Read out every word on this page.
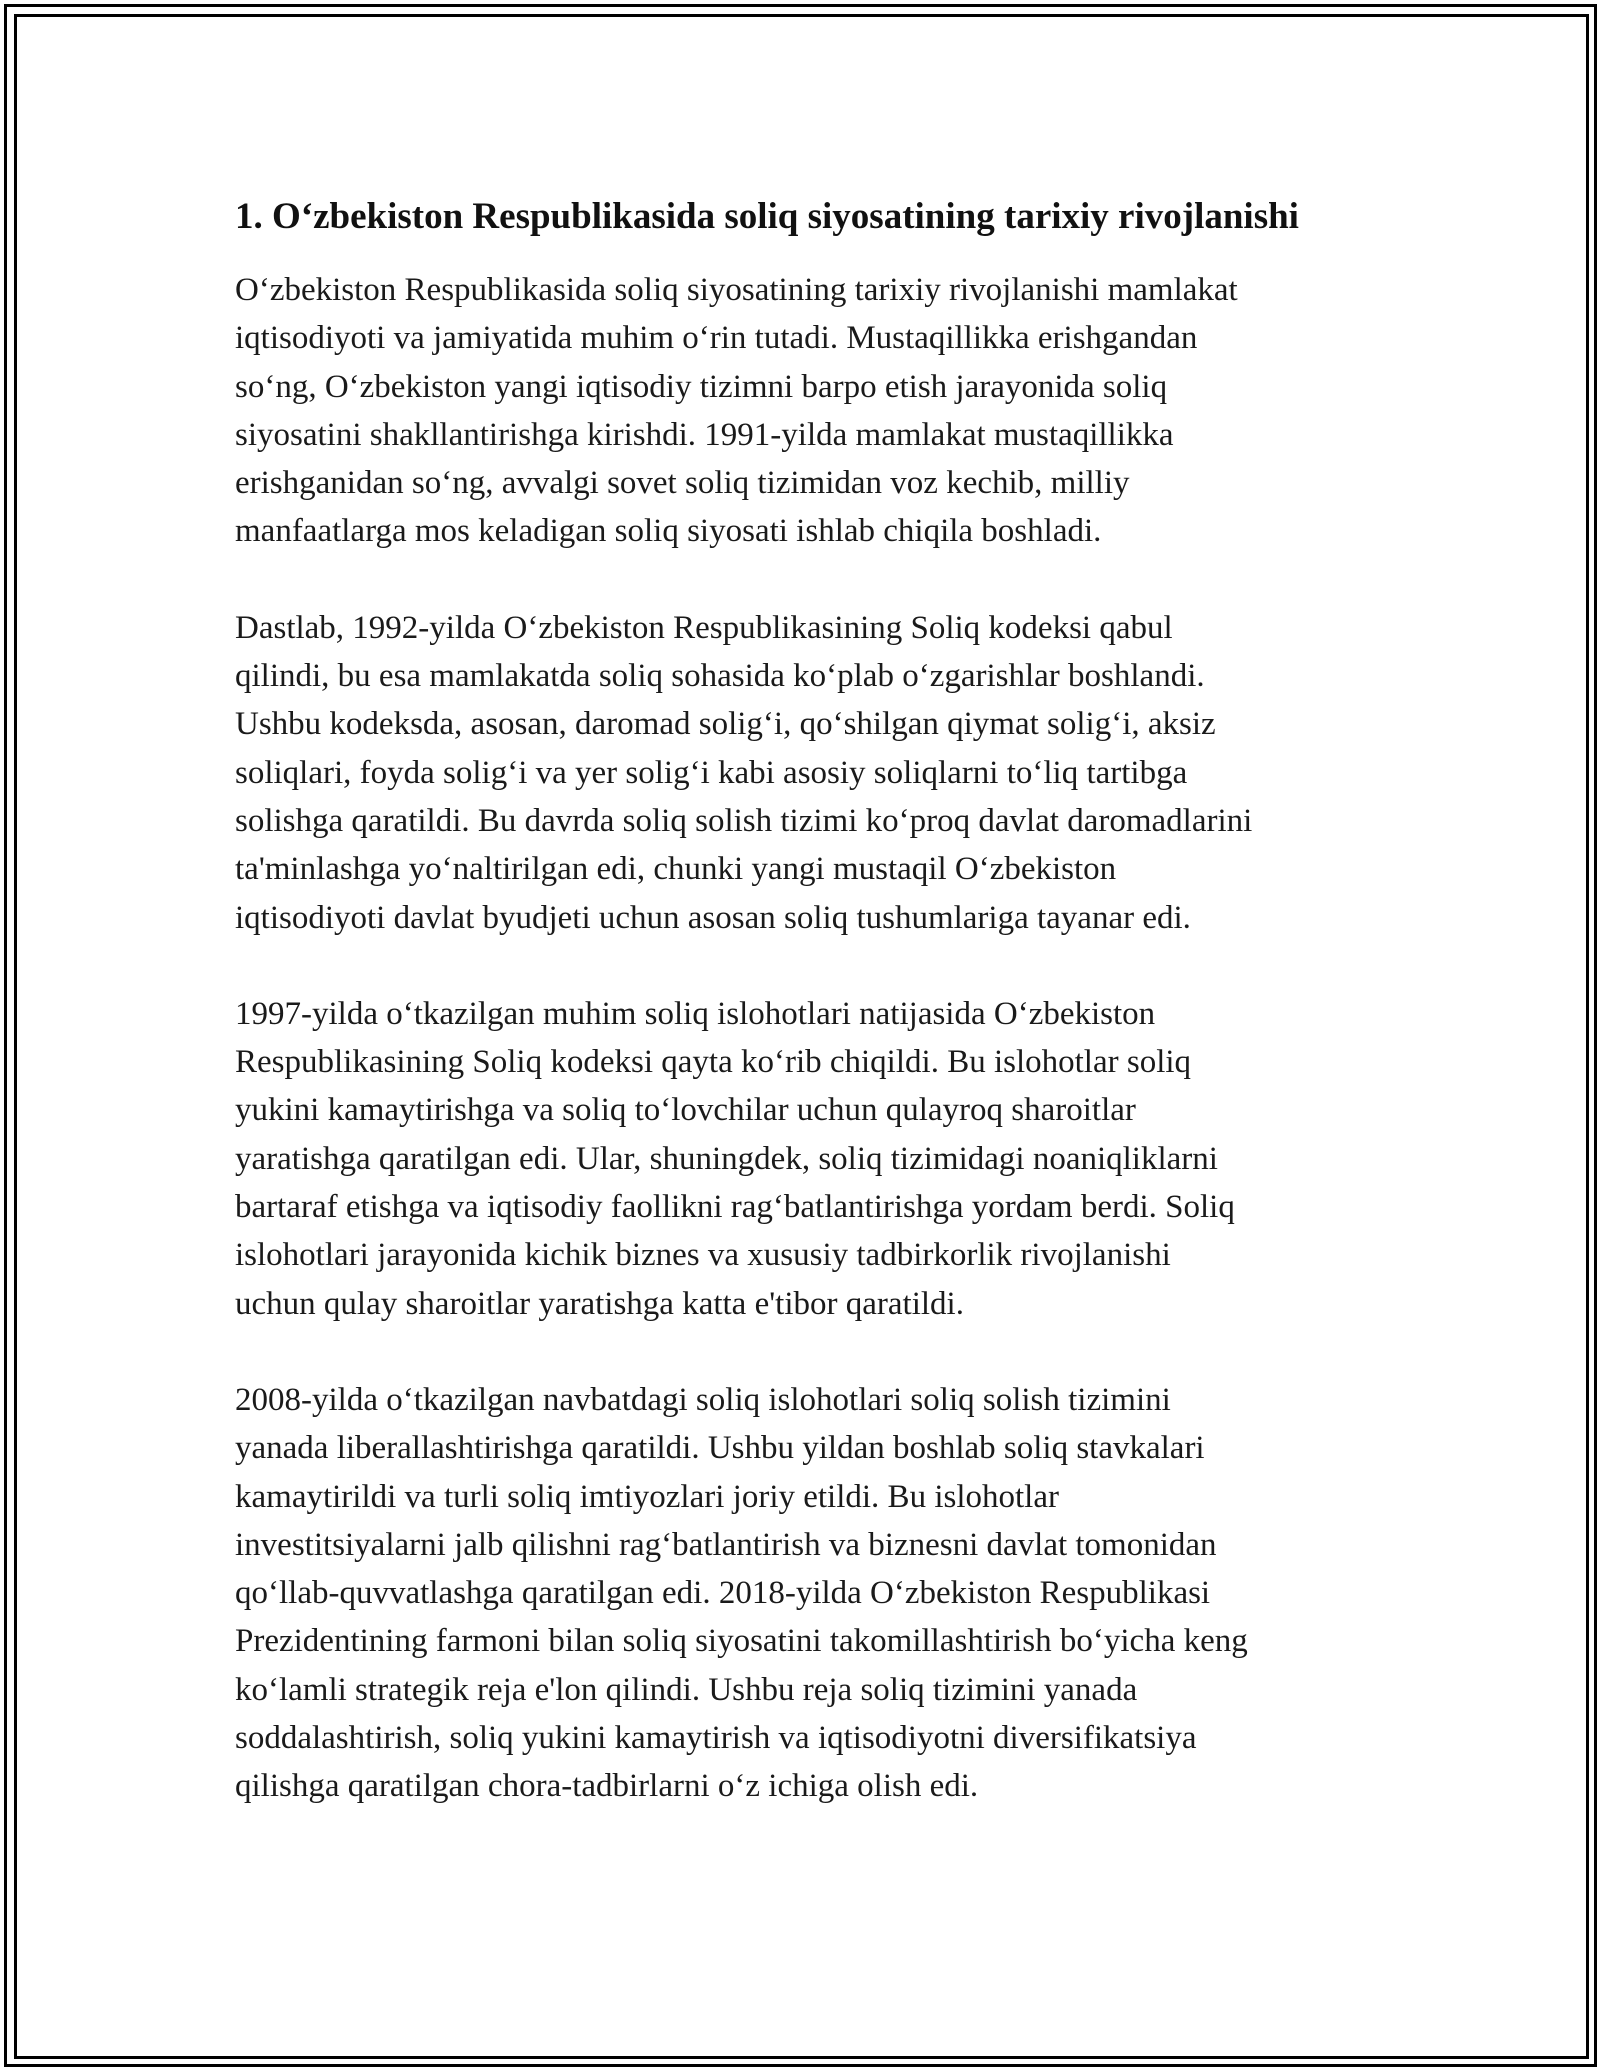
1. O‘zbekiston Respublikasida soliq siyosatining tarixiy rivojlanishi

O‘zbekiston Respublikasida soliq siyosatining tarixiy rivojlanishi mamlakat
iqtisodiyoti va jamiyatida muhim o‘rin tutadi. Mustaqillikka erishgandan
so‘ng, O‘zbekiston yangi iqtisodiy tizimni barpo etish jarayonida soliq
siyosatini shakllantirishga kirishdi. 1991-yilda mamlakat mustaqillikka
erishganidan so‘ng, avvalgi sovet soliq tizimidan voz kechib, milliy
manfaatlarga mos keladigan soliq siyosati ishlab chiqila boshladi.

Dastlab, 1992-yilda O‘zbekiston Respublikasining Soliq kodeksi qabul
qilindi, bu esa mamlakatda soliq sohasida ko‘plab o‘zgarishlar boshlandi.
Ushbu kodeksda, asosan, daromad solig‘i, qo‘shilgan qiymat solig‘i, aksiz
soliqlari, foyda solig‘i va yer solig‘i kabi asosiy soliqlarni to‘liq tartibga
solishga qaratildi. Bu davrda soliq solish tizimi ko‘proq davlat daromadlarini
ta'minlashga yo‘naltirilgan edi, chunki yangi mustaqil O‘zbekiston
iqtisodiyoti davlat byudjeti uchun asosan soliq tushumlariga tayanar edi.

1997-yilda o‘tkazilgan muhim soliq islohotlari natijasida O‘zbekiston
Respublikasining Soliq kodeksi qayta ko‘rib chiqildi. Bu islohotlar soliq
yukini kamaytirishga va soliq to‘lovchilar uchun qulayroq sharoitlar
yaratishga qaratilgan edi. Ular, shuningdek, soliq tizimidagi noaniqliklarni
bartaraf etishga va iqtisodiy faollikni rag‘batlantirishga yordam berdi. Soliq
islohotlari jarayonida kichik biznes va xususiy tadbirkorlik rivojlanishi
uchun qulay sharoitlar yaratishga katta e'tibor qaratildi.

2008-yilda o‘tkazilgan navbatdagi soliq islohotlari soliq solish tizimini
yanada liberallashtirishga qaratildi. Ushbu yildan boshlab soliq stavkalari
kamaytirildi va turli soliq imtiyozlari joriy etildi. Bu islohotlar
investitsiyalarni jalb qilishni rag‘batlantirish va biznesni davlat tomonidan
qo‘llab-quvvatlashga qaratilgan edi. 2018-yilda O‘zbekiston Respublikasi
Prezidentining farmoni bilan soliq siyosatini takomillashtirish bo‘yicha keng
ko‘lamli strategik reja e'lon qilindi. Ushbu reja soliq tizimini yanada
soddalashtirish, soliq yukini kamaytirish va iqtisodiyotni diversifikatsiya
qilishga qaratilgan chora-tadbirlarni o‘z ichiga olish edi.
